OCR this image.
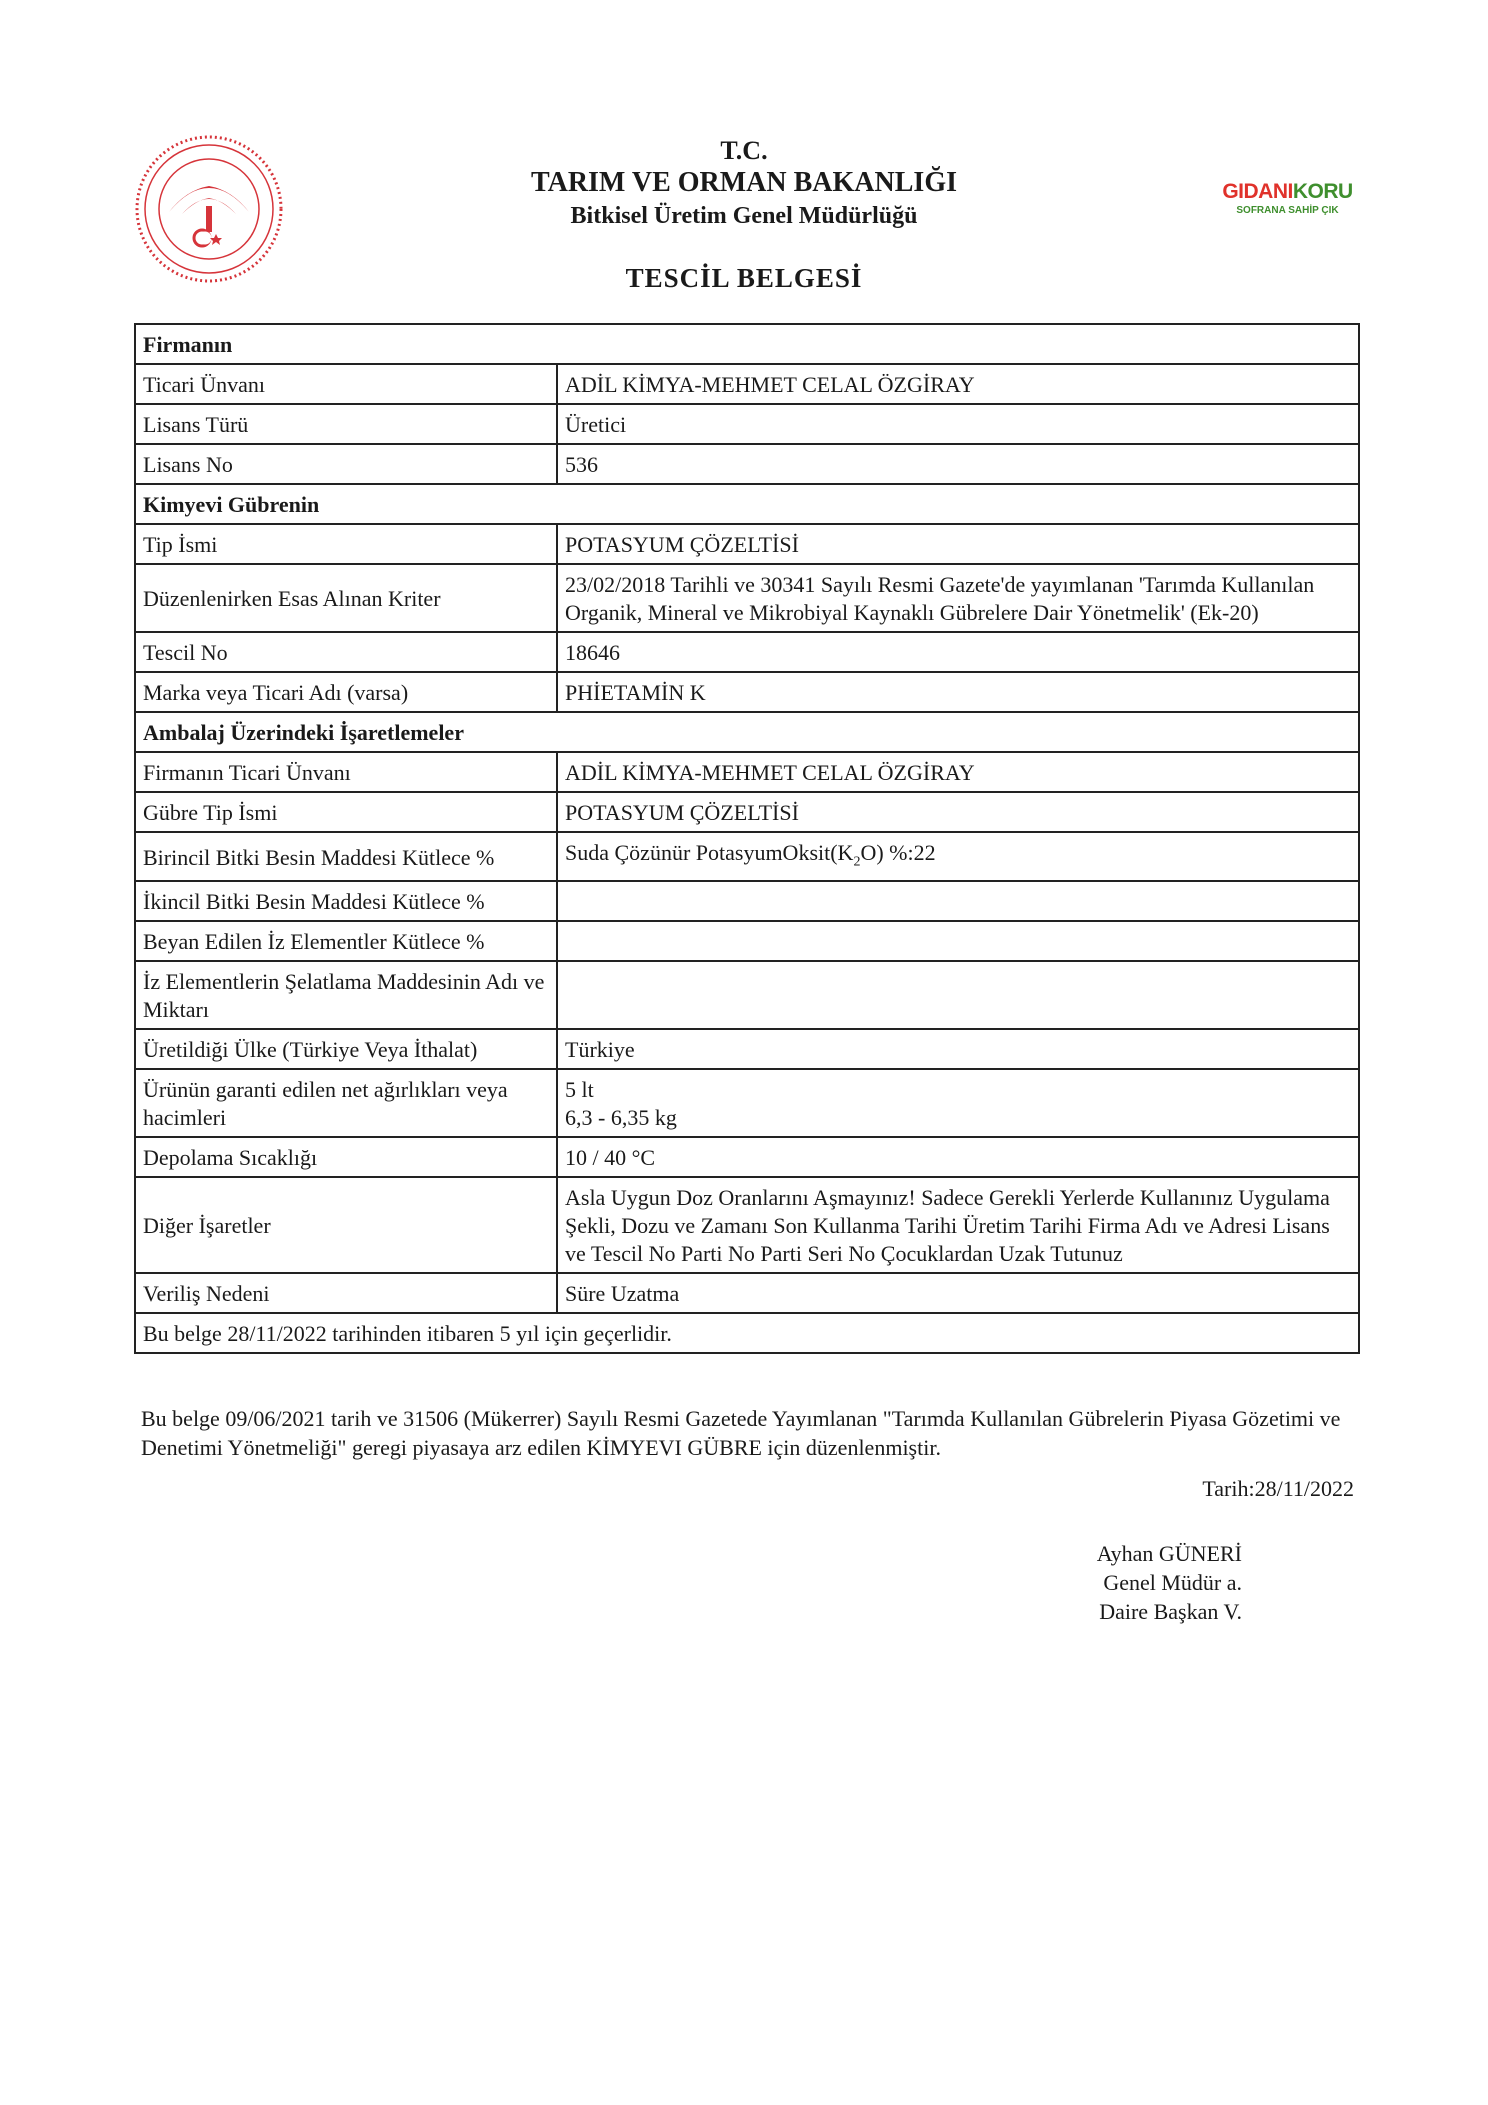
GIDANIKORU
SOFRANA SAHİP ÇIK
T.C.
TARIM VE ORMAN BAKANLIĞI
Bitkisel Üretim Genel Müdürlüğü
TESCİL BELGESİ
Firmanın	
Ticari Ünvanı	ADİL KİMYA-MEHMET CELAL ÖZGİRAY
Lisans Türü	Üretici
Lisans No	536
Kimyevi Gübrenin	
Tip İsmi	POTASYUM ÇÖZELTİSİ
Düzenlenirken Esas Alınan Kriter	23/02/2018 Tarihli ve 30341 Sayılı Resmi Gazete'de yayımlanan 'Tarımda Kullanılan Organik, Mineral ve Mikrobiyal Kaynaklı Gübrelere Dair Yönetmelik' (Ek-20)
Tescil No	18646
Marka veya Ticari Adı (varsa)	PHİETAMİN K
Ambalaj Üzerindeki İşaretlemeler	
Firmanın Ticari Ünvanı	ADİL KİMYA-MEHMET CELAL ÖZGİRAY
Gübre Tip İsmi	POTASYUM ÇÖZELTİSİ
Birincil Bitki Besin Maddesi Kütlece %	Suda Çözünür $PotasyumOksit(K_2O)$ %:22
İkincil Bitki Besin Maddesi Kütlece %	
Beyan Edilen İz Elementler Kütlece %	
İz Elementlerin Şelatlama Maddesinin Adı ve Miktarı	
Üretildiği Ülke (Türkiye Veya İthalat)	Türkiye
Ürünün garanti edilen net ağırlıkları veya hacimleri	5 lt
6,3 - 6,35 kg

Depolama Sıcaklığı	10 / 40 °C
Diğer İşaretler	Asla Uygun Doz Oranlarını Aşmayınız! Sadece Gerekli Yerlerde Kullanınız Uygulama Şekli, Dozu ve Zamanı Son Kullanma Tarihi Üretim Tarihi Firma Adı ve Adresi Lisans ve Tescil No Parti No Parti Seri No Çocuklardan Uzak Tutunuz
Veriliş Nedeni	Süre Uzatma
Bu belge 28/11/2022 tarihinden itibaren 5 yıl için geçerlidir.	
Bu belge 09/06/2021 tarih ve 31506 (Mükerrer) Sayılı Resmi Gazetede Yayımlanan "Tarımda Kullanılan Gübrelerin Piyasa Gözetimi ve Denetimi Yönetmeliği" geregi piyasaya arz edilen KİMYEVI GÜBRE için düzenlenmiştir.
Tarih:28/11/2022
Ayhan GÜNERİ
Genel Müdür a.
Daire Başkan V.
